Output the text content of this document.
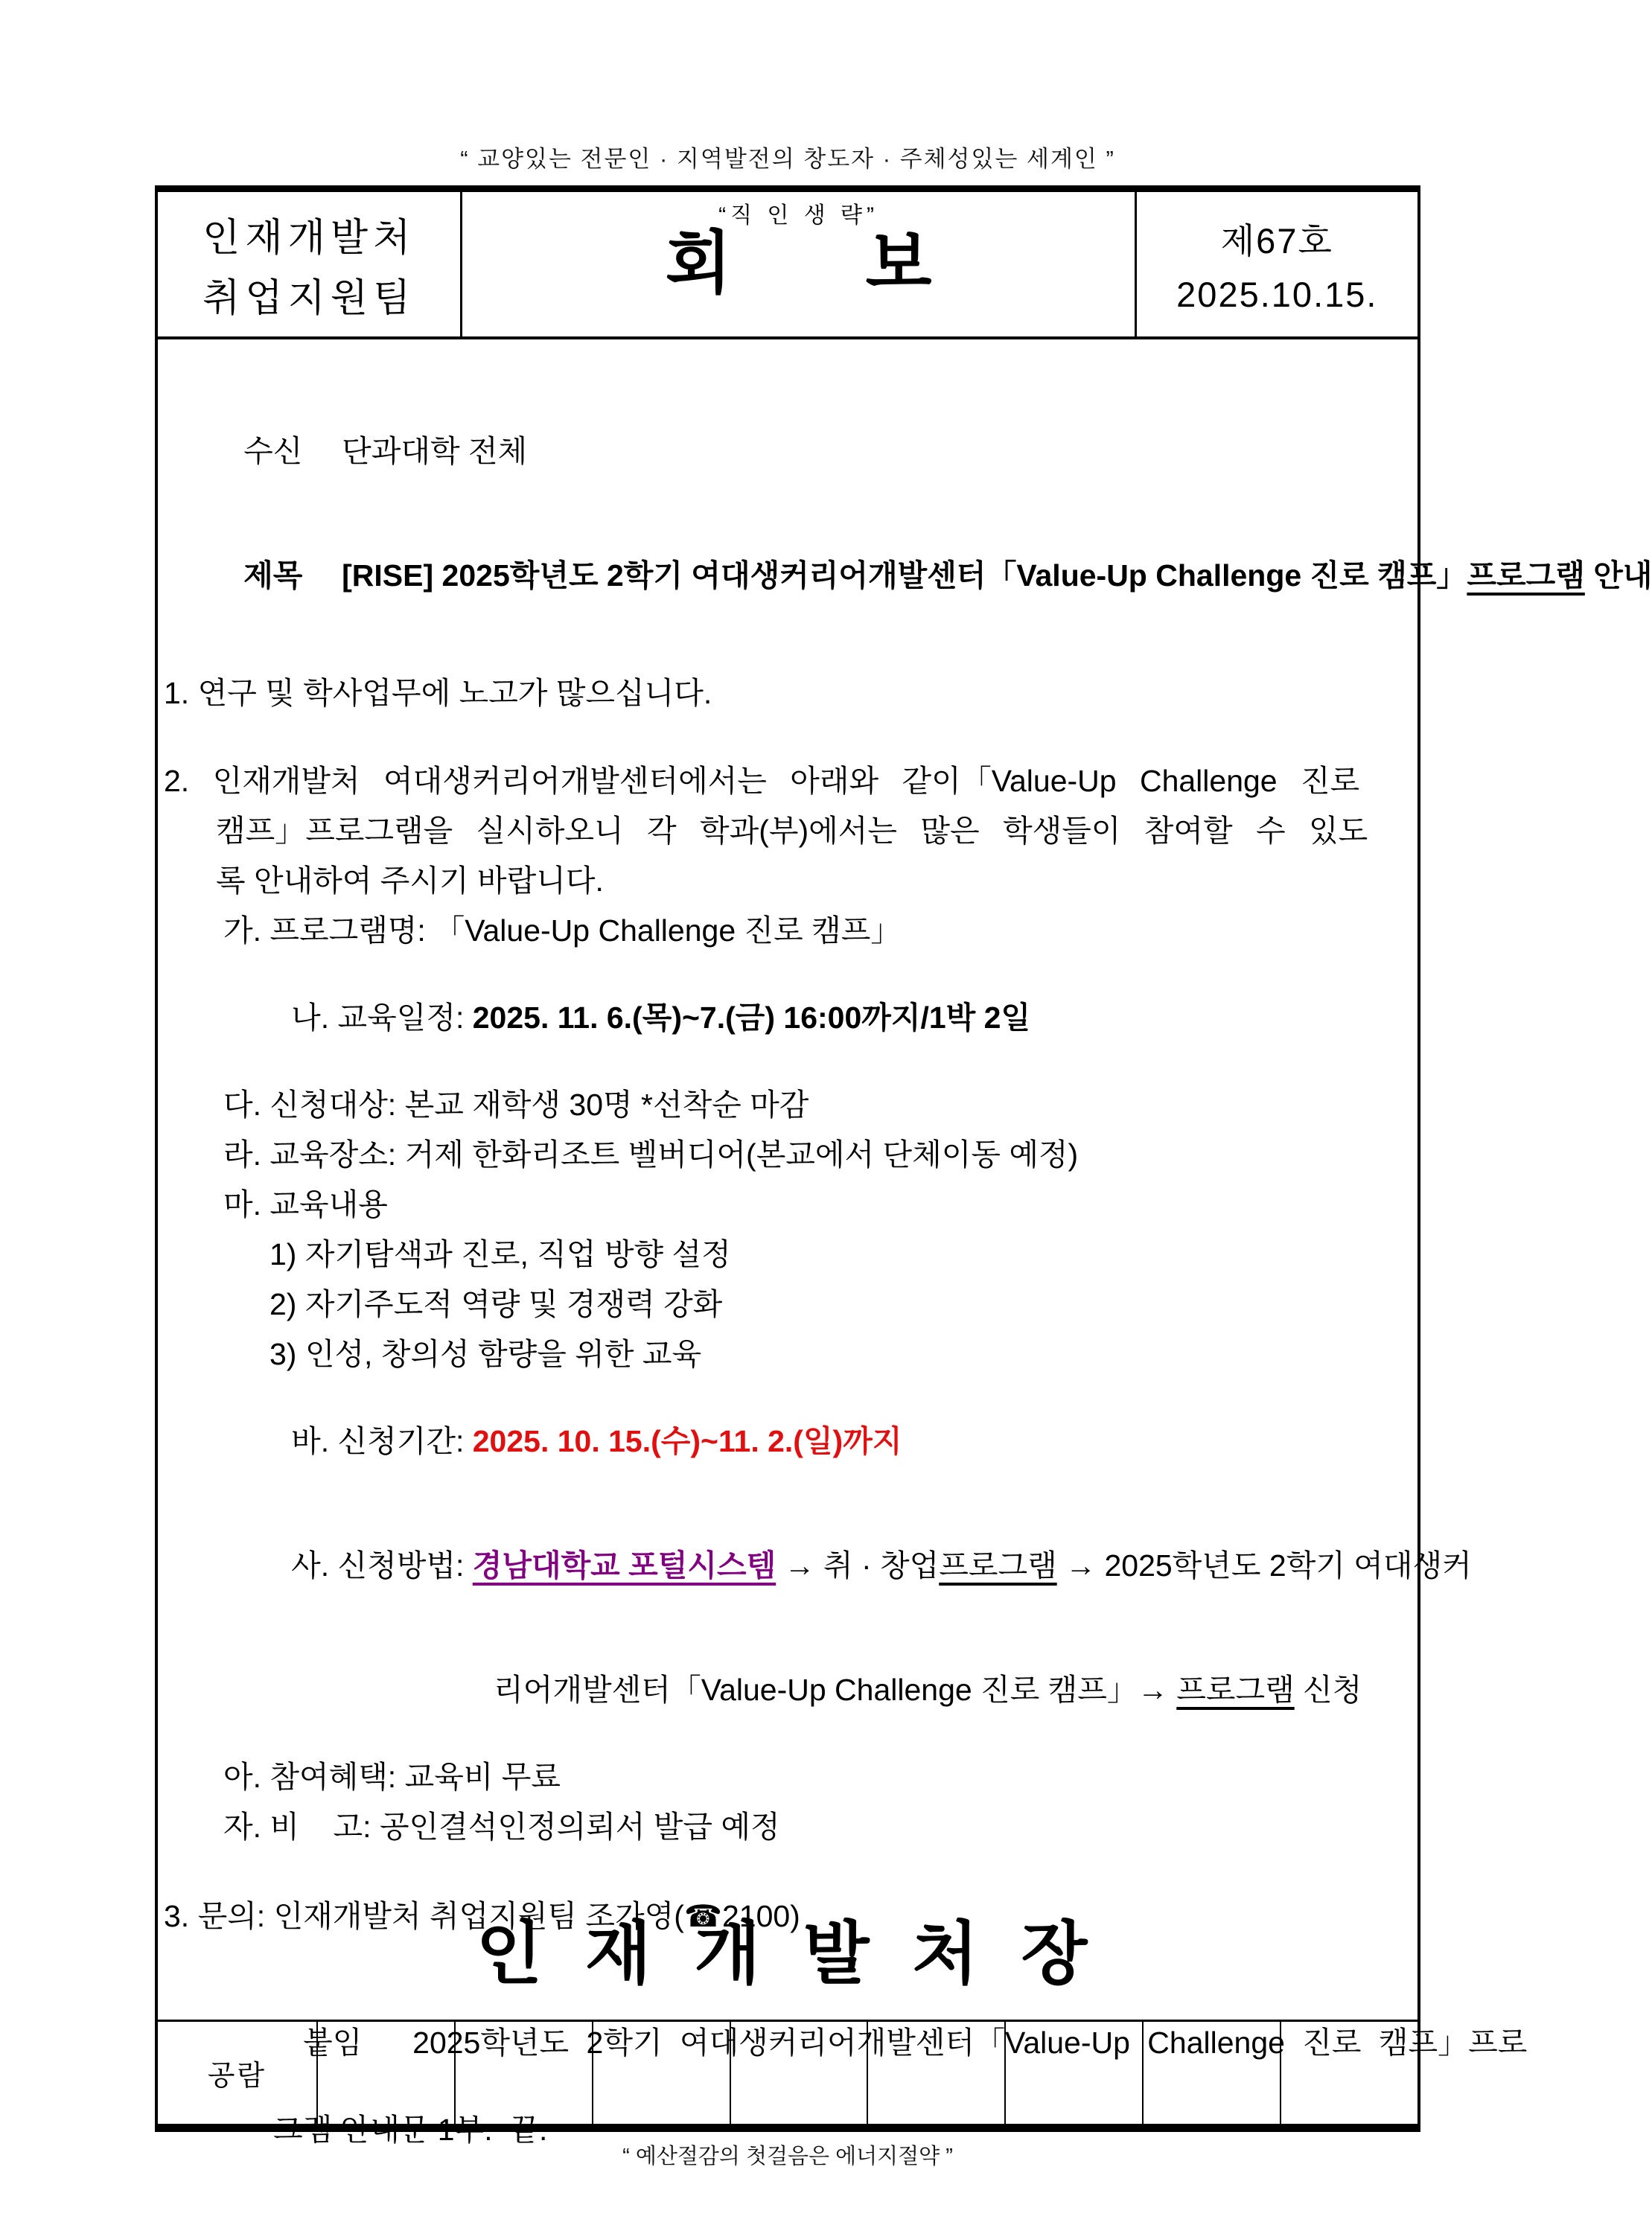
“ 교양있는 전문인 · 지역발전의 창도자 · 주체성있는 세계인 ”
인재개발처
취업지원팀
“직 인 생 략”
회 보	제67호
2025.10.15.

수신 단과대학 전체

제목 [RISE] 2025학년도 2학기 여대생커리어개발센터「Value-Up Challenge 진로 캠프」프로그램 안내

1. 연구 및 학사업무에 노고가 많으십니다.
2. 인재개발처 여대생커리어개발센터에서는 아래와 같이「Value-Up Challenge 진로
캠프」프로그램을 실시하오니 각 학과(부)에서는 많은 학생들이 참여할 수 있도
록 안내하여 주시기 바랍니다.
가. 프로그램명: 「Value-Up Challenge 진로 캠프」

나. 교육일정: 2025. 11. 6.(목)~7.(금) 16:00까지/1박 2일

다. 신청대상: 본교 재학생 30명 *선착순 마감
라. 교육장소: 거제 한화리조트 벨버디어(본교에서 단체이동 예정)
마. 교육내용
1) 자기탐색과 진로, 직업 방향 설정
2) 자기주도적 역량 및 경쟁력 강화
3) 인성, 창의성 함량을 위한 교육

바. 신청기간: 2025. 10. 15.(수)~11. 2.(일)까지

사. 신청방법: 경남대학교 포털시스템 → 취 · 창업프로그램 → 2025학년도 2학기 여대생커

리어개발센터「Value-Up Challenge 진로 캠프」→ 프로그램 신청

아. 참여혜택: 교육비 무료
자. 비    고: 공인결석인정의뢰서 발급 예정
3. 문의: 인재개발처 취업지원팀 조가영(☎2100)

붙임 2025학년도 2학기 여대생커리어개발센터「Value-Up Challenge 진로 캠프」프로

그램 안내문 1부.  끝.
인 재 개 발 처 장
공람
“ 예산절감의 첫걸음은 에너지절약 ”
